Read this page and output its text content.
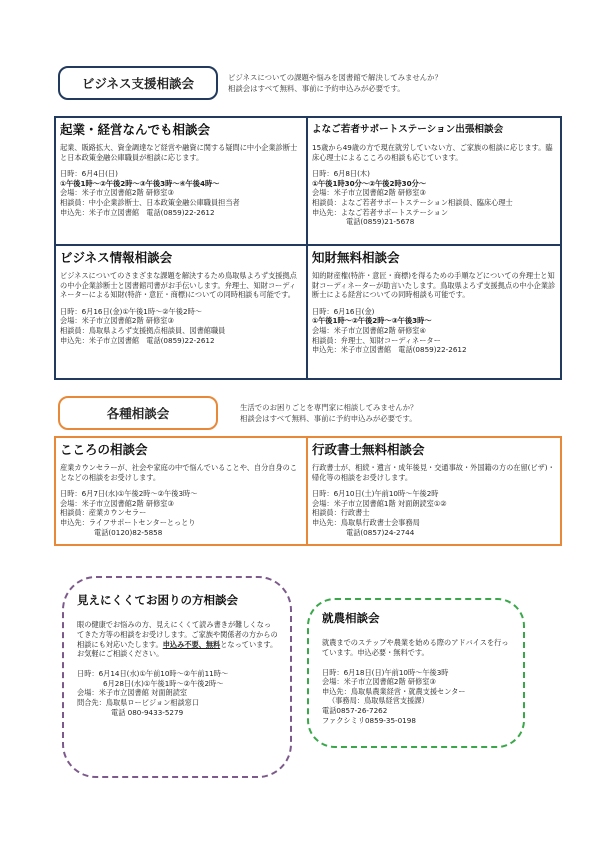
ビジネス支援相談会	ビジネスについての課題や悩みを図書館で解決してみませんか？
相談会はすべて無料、事前に予約申込みが必要です。
起業・経営なんでも相談会
起業、販路拡大、資金調達など経営や融資に関する疑問に中小企業診断士と日本政策金融公庫職員が相談に応じます。
日時：6月4日(日)
①午後1時～②午後2時～③午後3時～④午後4時～
会場：米子市立図書館2階 研修室③
相談員：中小企業診断士、日本政策金融公庫職員担当者
申込先：米子市立図書館　電話(0859)22-2612
よなご若者サポートステーション出張相談会
15歳から49歳の方で現在就労していない方、ご家族の相談に応じます。臨床心理士によるこころの相談も応じています。
日時：6月8日(木)
①午後1時30分～②午後2時30分～
会場：米子市立図書館2階 研修室③
相談員：よなご若者サポートステーション相談員、臨床心理士
申込先：よなご若者サポートステーション
電話(0859)21-5678
ビジネス情報相談会
ビジネスについてのさまざまな課題を解決するため鳥取県よろず支援拠点の中小企業診断士と図書館司書がお手伝いします。弁理士、知財コーディネーターによる知財(特許・意匠・商標)についての同時相談も可能です。
日時：6月16日(金)①午後1時～②午後2時～
会場：米子市立図書館2階 研修室③
相談員：鳥取県よろず支援拠点相談員、図書館職員
申込先：米子市立図書館　電話(0859)22-2612
知財無料相談会
知的財産権(特許・意匠・商標)を得るための手順などについての弁理士と知財コーディネーターが助言いたします。鳥取県よろず支援拠点の中小企業診断士による経営についての同時相談も可能です。
日時：6月16日(金)
①午後1時～②午後2時～③午後3時～
会場：米子市立図書館2階 研修室④
相談員：弁理士、知財コーディネーター
申込先：米子市立図書館　電話(0859)22-2612
各種相談会	生活でのお困りごとを専門家に相談してみませんか？
相談会はすべて無料、事前に予約申込みが必要です。
こころの相談会
産業カウンセラーが、社会や家庭の中で悩んでいることや、自分自身のことなどの相談をお受けします。
日時：6月7日(水)①午後2時～②午後3時～
会場：米子市立図書館2階 研修室③
相談員：産業カウンセラー
申込先：ライフサポートセンターとっとり
電話(0120)82-5858
行政書士無料相談会
行政書士が、相続・遺言・成年後見・交通事故・外国籍の方の在留(ビザ)・帰化等の相談をお受けします。
日時：6月10日(土)午前10時～午後2時
会場：米子市立図書館1階 対面朗読室①②
相談員：行政書士
申込先：鳥取県行政書士会事務局
電話(0857)24-2744
見えにくくてお困りの方相談会
眼の健康でお悩みの方、見えにくくて読み書きが難しくなってきた方等の相談をお受けします。ご家族や関係者の方からの相談にも対応いたします。申込み不要、無料となっています。お気軽にご相談ください。
日時：6月14日(水)①午前10時～②午前11時～
6月28日(水)①午後1時～②午後2時～
会場：米子市立図書館 対面朗読室
問合先：鳥取県ロービジョン相談窓口
電話 080-9433-5279
就農相談会
就農までのステップや農業を始める際のアドバイスを行っています。申込必要・無料です。
日時：6月18日(日)午前10時～午後3時
会場：米子市立図書館2階 研修室③
申込先：鳥取県農業経営・就農支援センター
（事務局：鳥取県経営支援課）
電話0857-26-7262
ファクシミリ0859-35-0198
